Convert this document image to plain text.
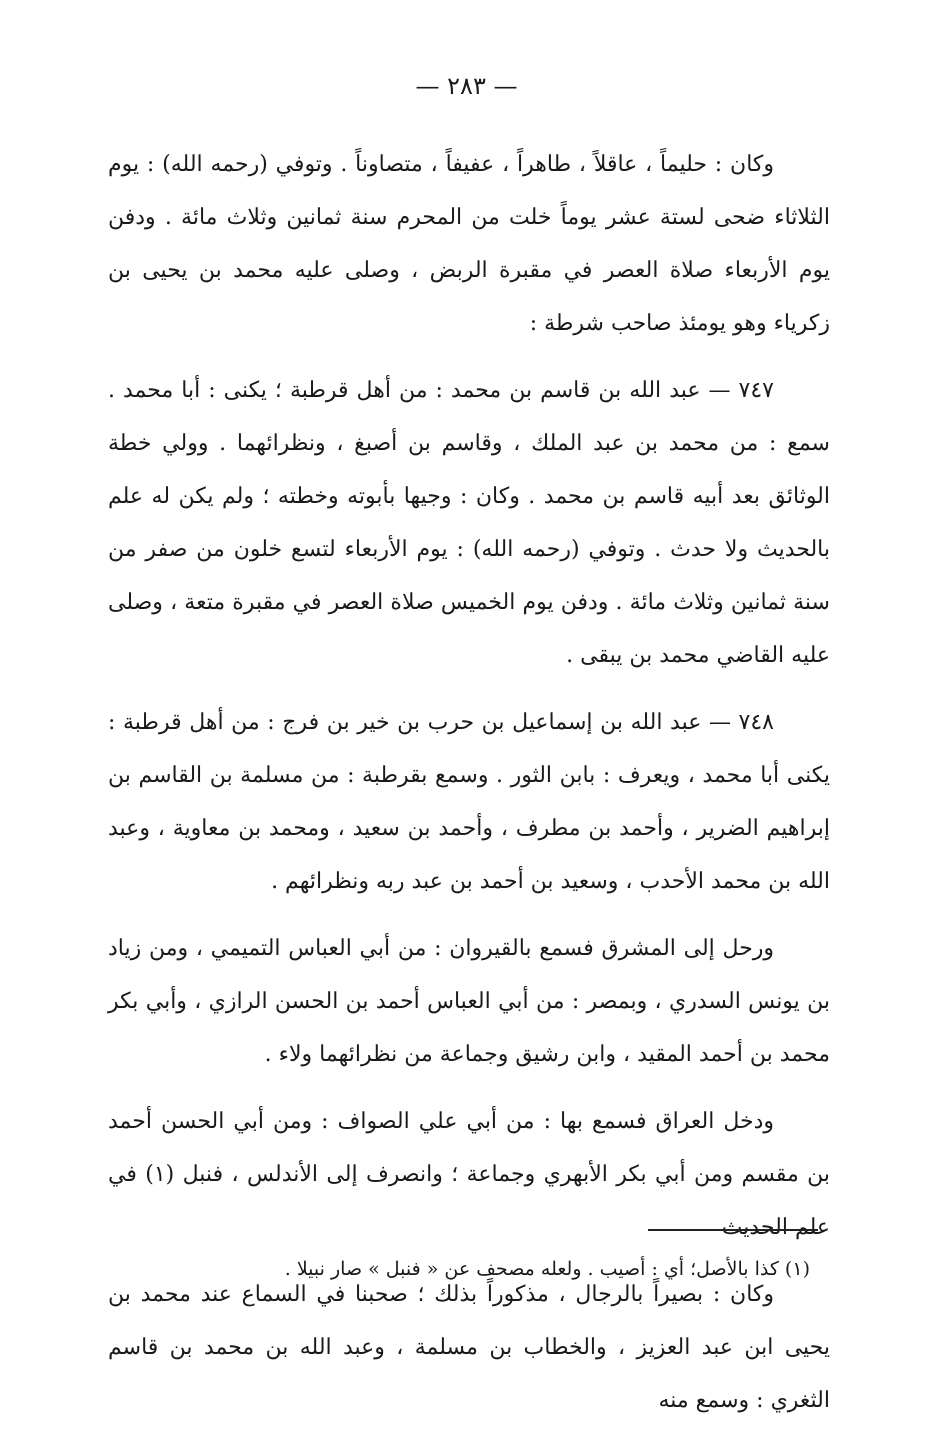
— ٢٨٣ —

وكان : حليماً ، عاقلاً ، طاهراً ، عفيفاً ، متصاوناً . وتوفي (رحمه الله) : يوم الثلاثاء ضحى لستة عشر يوماً خلت من المحرم سنة ثمانين وثلاث مائة . ودفن يوم الأربعاء صلاة العصر في مقبرة الربض ، وصلى عليه محمد بن يحيى بن زكرياء وهو يومئذ صاحب شرطة :

٧٤٧ — عبد الله بن قاسم بن محمد : من أهل قرطبة ؛ يكنى : أبا محمد . سمع : من محمد بن عبد الملك ، وقاسم بن أصبغ ، ونظرائهما . وولي خطة الوثائق بعد أبيه قاسم بن محمد . وكان : وجيها بأبوته وخطته ؛ ولم يكن له علم بالحديث ولا حدث . وتوفي (رحمه الله) : يوم الأربعاء لتسع خلون من صفر من سنة ثمانين وثلاث مائة . ودفن يوم الخميس صلاة العصر في مقبرة متعة ، وصلى عليه القاضي محمد بن يبقى .

٧٤٨ — عبد الله بن إسماعيل بن حرب بن خير بن فرج : من أهل قرطبة : يكنى أبا محمد ، ويعرف : بابن الثور . وسمع بقرطبة : من مسلمة بن القاسم بن إبراهيم الضرير ، وأحمد بن مطرف ، وأحمد بن سعيد ، ومحمد بن معاوية ، وعبد الله بن محمد الأحدب ، وسعيد بن أحمد بن عبد ربه ونظرائهم .

ورحل إلى المشرق فسمع بالقيروان : من أبي العباس التميمي ، ومن زياد بن يونس السدري ، وبمصر : من أبي العباس أحمد بن الحسن الرازي ، وأبي بكر محمد بن أحمد المقيد ، وابن رشيق وجماعة من نظرائهما ولاء .

ودخل العراق فسمع بها : من أبي علي الصواف : ومن أبي الحسن أحمد بن مقسم ومن أبي بكر الأبهري وجماعة ؛ وانصرف إلى الأندلس ، فنبل (١) في علم الحديث

وكان : بصيراً بالرجال ، مذكوراً بذلك ؛ صحبنا في السماع عند محمد بن يحيى ابن عبد العزيز ، والخطاب بن مسلمة ، وعبد الله بن محمد بن قاسم الثغري : وسمع منه

(١) كذا بالأصل؛ أي : أصيب . ولعله مصحف عن « فنبل » صار نبيلا .
